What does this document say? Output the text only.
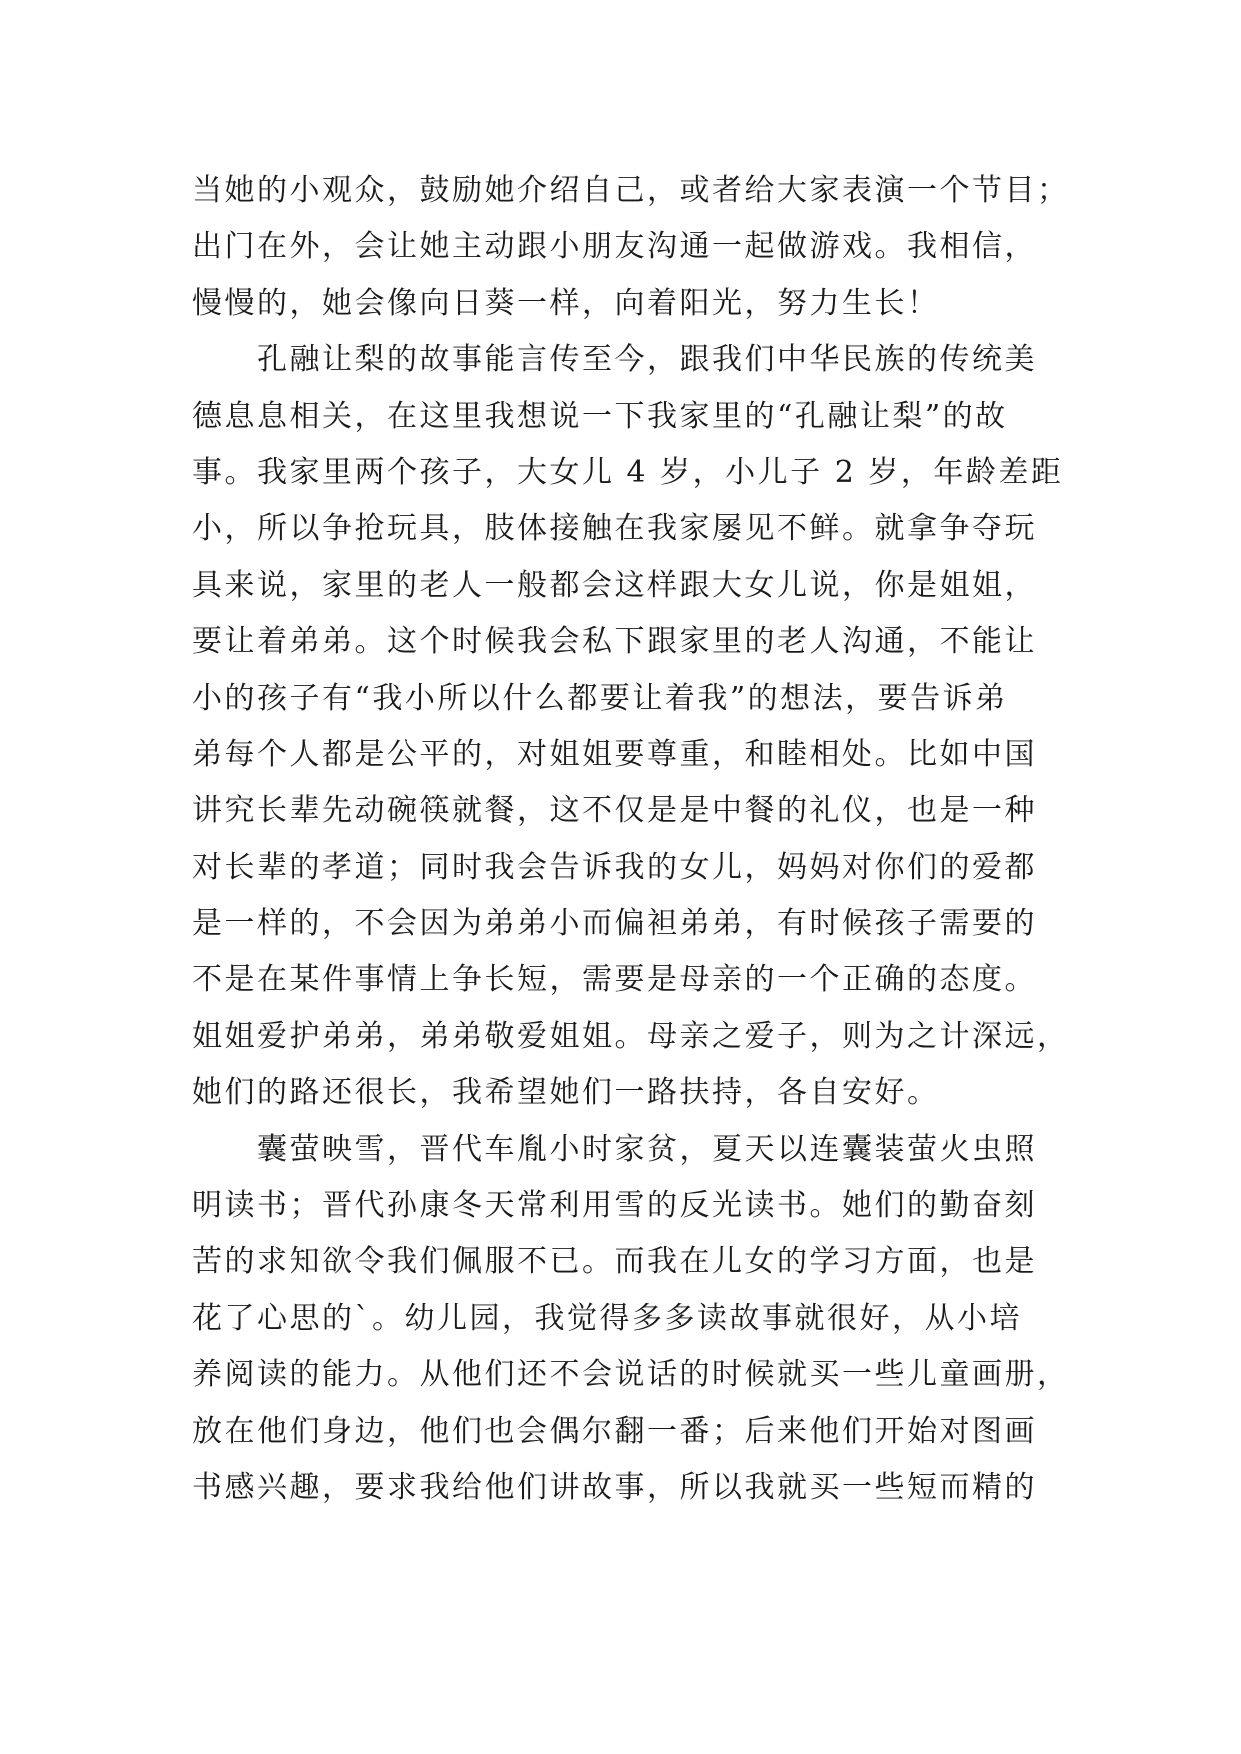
当她的小观众，鼓励她介绍自己，或者给大家表演一个节目；
出门在外，会让她主动跟小朋友沟通一起做游戏。我相信，
慢慢的，她会像向日葵一样，向着阳光，努力生长！
　　孔融让梨的故事能言传至今，跟我们中华民族的传统美
德息息相关，在这里我想说一下我家里的“孔融让梨”的故
事。我家里两个孩子，大女儿 4 岁，小儿子 2 岁，年龄差距
小，所以争抢玩具，肢体接触在我家屡见不鲜。就拿争夺玩
具来说，家里的老人一般都会这样跟大女儿说，你是姐姐，
要让着弟弟。这个时候我会私下跟家里的老人沟通，不能让
小的孩子有“我小所以什么都要让着我”的想法，要告诉弟
弟每个人都是公平的，对姐姐要尊重，和睦相处。比如中国
讲究长辈先动碗筷就餐，这不仅是是中餐的礼仪，也是一种
对长辈的孝道；同时我会告诉我的女儿，妈妈对你们的爱都
是一样的，不会因为弟弟小而偏袒弟弟，有时候孩子需要的
不是在某件事情上争长短，需要是母亲的一个正确的态度。
姐姐爱护弟弟，弟弟敬爱姐姐。母亲之爱子，则为之计深远，
她们的路还很长，我希望她们一路扶持，各自安好。
　　囊萤映雪，晋代车胤小时家贫，夏天以连囊装萤火虫照
明读书；晋代孙康冬天常利用雪的反光读书。她们的勤奋刻
苦的求知欲令我们佩服不已。而我在儿女的学习方面，也是
花了心思的`。幼儿园，我觉得多多读故事就很好，从小培
养阅读的能力。从他们还不会说话的时候就买一些儿童画册，
放在他们身边，他们也会偶尔翻一番；后来他们开始对图画
书感兴趣，要求我给他们讲故事，所以我就买一些短而精的
